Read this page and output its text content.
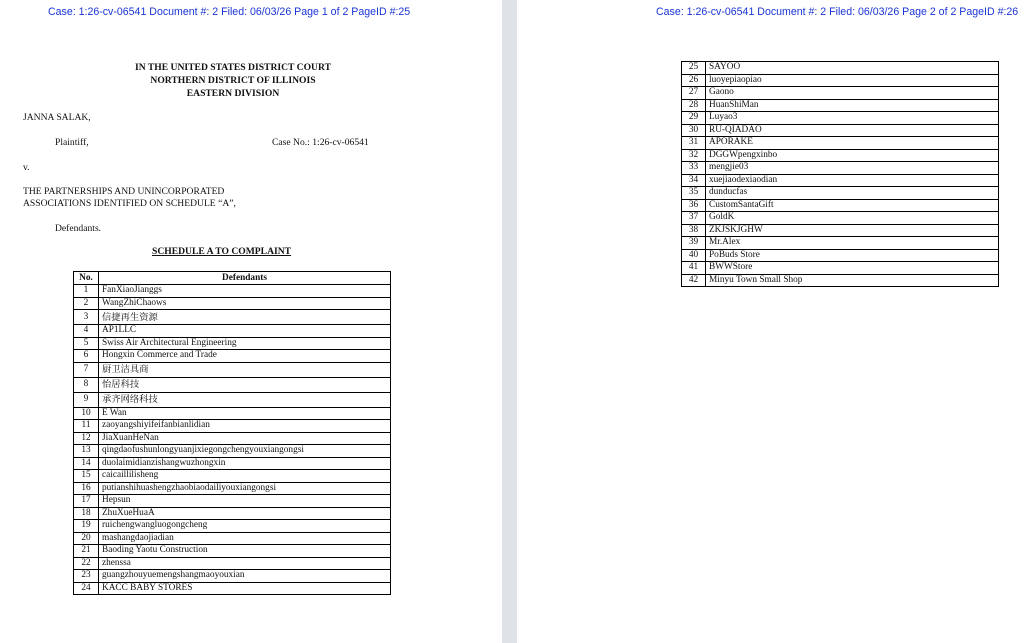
Case: 1:26-cv-06541 Document #: 2 Filed: 06/03/26 Page 1 of 2 PageID #:25
IN THE UNITED STATES DISTRICT COURT
NORTHERN DISTRICT OF ILLINOIS
EASTERN DIVISION
JANNA SALAK,
Plaintiff,	Case No.: 1:26-cv-06541
v.
THE PARTNERSHIPS AND UNINCORPORATED
ASSOCIATIONS IDENTIFIED ON SCHEDULE “A”,
Defendants.
SCHEDULE A TO COMPLAINT
No.	Defendants
1	FanXiaoJianggs
2	WangZhiChaows
3	信捷再生资源
4	AP1LLC
5	Swiss Air Architectural Engineering
6	Hongxin Commerce and Trade
7	厨卫洁具商
8	怡居科技
9	承齐网络科技
10	E Wan
11	zaoyangshiyifeifanbianlidian
12	JiaXuanHeNan
13	qingdaofushunlongyuanjixiegongchengyouxiangongsi
14	duolaimidianzishangwuzhongxin
15	caicaillilisheng
16	putianshihuashengzhaobiaodailiyouxiangongsi
17	Hepsun
18	ZhuXueHuaA
19	ruichengwangluogongcheng
20	mashangdaojiadian
21	Baoding Yaotu Construction
22	zhenssa
23	guangzhouyuemengshangmaoyouxian
24	KACC BABY STORES
Case: 1:26-cv-06541 Document #: 2 Filed: 06/03/26 Page 2 of 2 PageID #:26
25	SAYOO
26	luoyepiaopiao
27	Gaono
28	HuanShiMan
29	Luyao3
30	RU-QIADAO
31	APORAKE
32	DGGWpengxinbo
33	mengjie03
34	xuejiaodexiaodian
35	dunducfas
36	CustomSantaGift
37	GoldK
38	ZKJSKJGHW
39	Mr.Alex
40	PoBuds Store
41	BWWStore
42	Minyu Town Small Shop
